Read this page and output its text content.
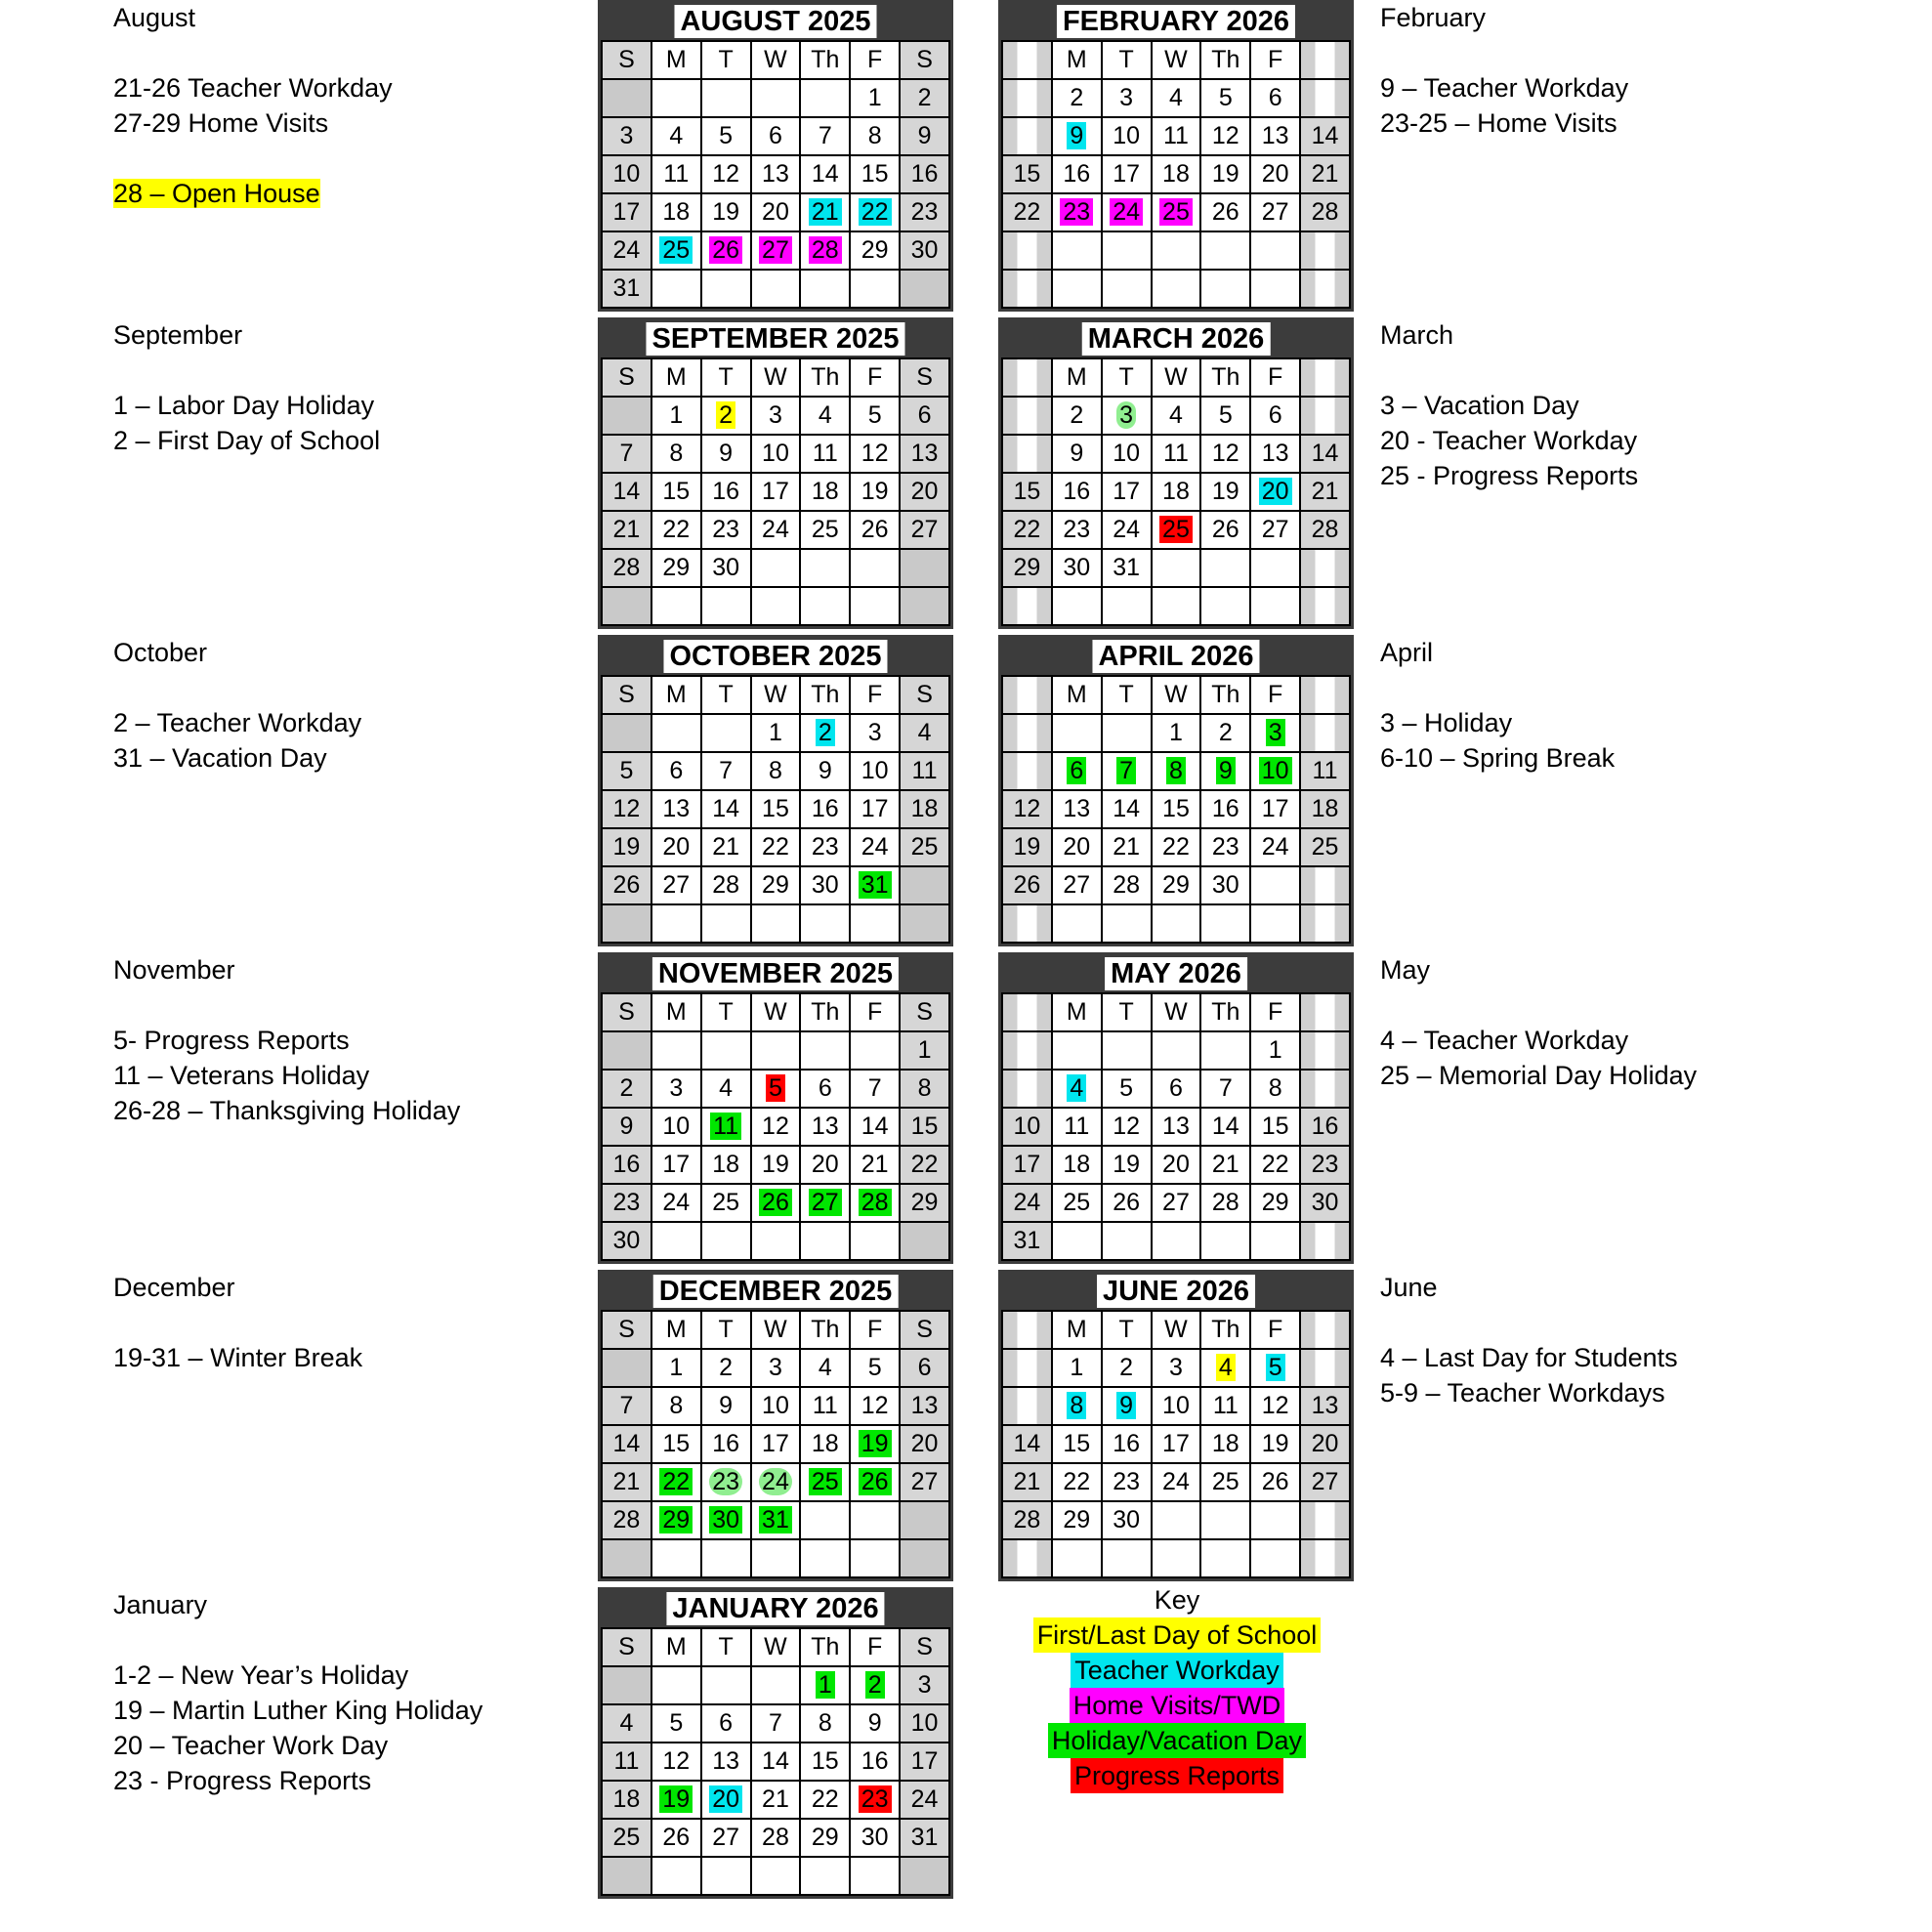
August
21-26 Teacher Workday
27-29 Home Visits
28 – Open House
September
1 – Labor Day Holiday
2 – First Day of School
October
2 – Teacher Workday
31 – Vacation Day
November
5- Progress Reports
11 – Veterans Holiday
26-28 – Thanksgiving Holiday
December
19-31 – Winter Break
January
1-2 – New Year’s Holiday
19 – Martin Luther King Holiday
20 – Teacher Work Day
23 - Progress Reports
February
9 – Teacher Workday
23-25 – Home Visits
March
3 – Vacation Day
20 - Teacher Workday
25 - Progress Reports
April
3 – Holiday
6-10 – Spring Break
May
4 – Teacher Workday
25 – Memorial Day Holiday
June
4 – Last Day for Students
5-9 – Teacher Workdays
AUGUST 2025
S	M	T	W	Th	F	S
					1	2
3	4	5	6	7	8	9
10	11	12	13	14	15	16
17	18	19	20	21	22	23
24	25	26	27	28	29	30
31						
SEPTEMBER 2025
S	M	T	W	Th	F	S
	1	2	3	4	5	6
7	8	9	10	11	12	13
14	15	16	17	18	19	20
21	22	23	24	25	26	27
28	29	30				

OCTOBER 2025
S	M	T	W	Th	F	S
			1	2	3	4
5	6	7	8	9	10	11
12	13	14	15	16	17	18
19	20	21	22	23	24	25
26	27	28	29	30	31	

NOVEMBER 2025
S	M	T	W	Th	F	S
						1
2	3	4	5	6	7	8
9	10	11	12	13	14	15
16	17	18	19	20	21	22
23	24	25	26	27	28	29
30						
DECEMBER 2025
S	M	T	W	Th	F	S
	1	2	3	4	5	6
7	8	9	10	11	12	13
14	15	16	17	18	19	20
21	22	23	24	25	26	27
28	29	30	31			

JANUARY 2026
S	M	T	W	Th	F	S
				1	2	3
4	5	6	7	8	9	10
11	12	13	14	15	16	17
18	19	20	21	22	23	24
25	26	27	28	29	30	31

FEBRUARY 2026
	M	T	W	Th	F	
	2	3	4	5	6	
	9	10	11	12	13	14
15	16	17	18	19	20	21
22	23	24	25	26	27	28

MARCH 2026
	M	T	W	Th	F	
	2	3	4	5	6	
	9	10	11	12	13	14
15	16	17	18	19	20	21
22	23	24	25	26	27	28
29	30	31				

APRIL 2026
	M	T	W	Th	F	
			1	2	3	
	6	7	8	9	10	11
12	13	14	15	16	17	18
19	20	21	22	23	24	25
26	27	28	29	30		

MAY 2026
	M	T	W	Th	F	
					1	
	4	5	6	7	8	
10	11	12	13	14	15	16
17	18	19	20	21	22	23
24	25	26	27	28	29	30
31						
JUNE 2026
	M	T	W	Th	F	
	1	2	3	4	5	
	8	9	10	11	12	13
14	15	16	17	18	19	20
21	22	23	24	25	26	27
28	29	30				

Key
First/Last Day of School
Teacher Workday
Home Visits/TWD
Holiday/Vacation Day
Progress Reports
